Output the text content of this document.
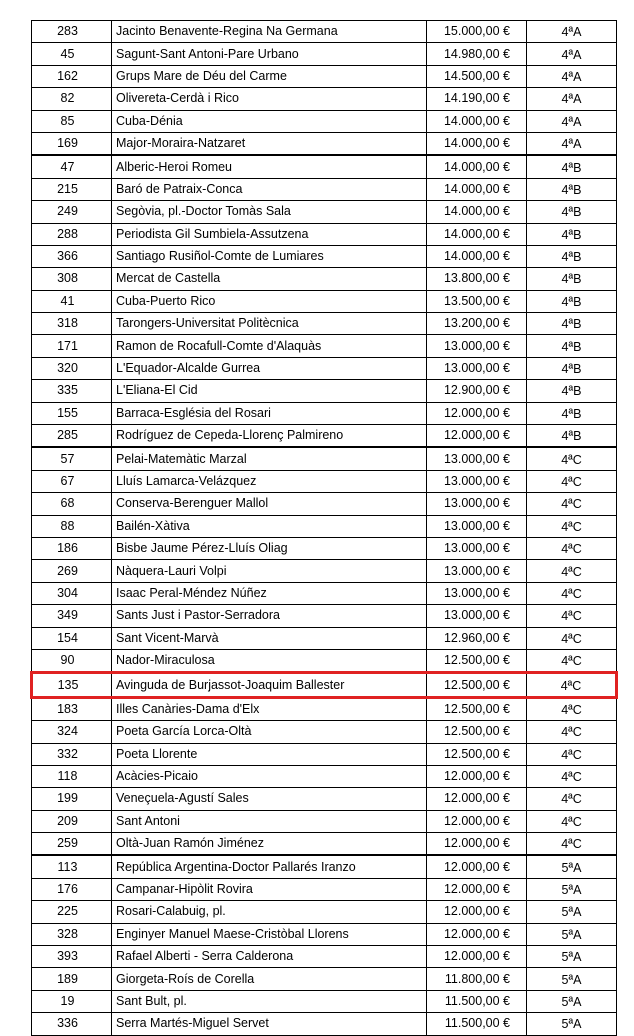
283	Jacinto Benavente-Regina Na Germana	15.000,00 €	4ªA
45	Sagunt-Sant Antoni-Pare Urbano	14.980,00 €	4ªA
162	Grups Mare de Déu del Carme	14.500,00 €	4ªA
82	Olivereta-Cerdà i Rico	14.190,00 €	4ªA
85	Cuba-Dénia	14.000,00 €	4ªA
169	Major-Moraira-Natzaret	14.000,00 €	4ªA
47	Alberic-Heroi Romeu	14.000,00 €	4ªB
215	Baró de Patraix-Conca	14.000,00 €	4ªB
249	Segòvia, pl.-Doctor Tomàs Sala	14.000,00 €	4ªB
288	Periodista Gil Sumbiela-Assutzena	14.000,00 €	4ªB
366	Santiago Rusiñol-Comte de Lumiares	14.000,00 €	4ªB
308	Mercat de Castella	13.800,00 €	4ªB
41	Cuba-Puerto Rico	13.500,00 €	4ªB
318	Tarongers-Universitat Politècnica	13.200,00 €	4ªB
171	Ramon de Rocafull-Comte d'Alaquàs	13.000,00 €	4ªB
320	L'Equador-Alcalde Gurrea	13.000,00 €	4ªB
335	L'Eliana-El Cid	12.900,00 €	4ªB
155	Barraca-Església del Rosari	12.000,00 €	4ªB
285	Rodríguez de Cepeda-Llorenç Palmireno	12.000,00 €	4ªB
57	Pelai-Matemàtic Marzal	13.000,00 €	4ªC
67	Lluís Lamarca-Velázquez	13.000,00 €	4ªC
68	Conserva-Berenguer Mallol	13.000,00 €	4ªC
88	Bailén-Xàtiva	13.000,00 €	4ªC
186	Bisbe Jaume Pérez-Lluís Oliag	13.000,00 €	4ªC
269	Nàquera-Lauri Volpi	13.000,00 €	4ªC
304	Isaac Peral-Méndez Núñez	13.000,00 €	4ªC
349	Sants Just i Pastor-Serradora	13.000,00 €	4ªC
154	Sant Vicent-Marvà	12.960,00 €	4ªC
90	Nador-Miraculosa	12.500,00 €	4ªC
135	Avinguda de Burjassot-Joaquim Ballester	12.500,00 €	4ªC
183	Illes Canàries-Dama d'Elx	12.500,00 €	4ªC
324	Poeta García Lorca-Oltà	12.500,00 €	4ªC
332	Poeta Llorente	12.500,00 €	4ªC
118	Acàcies-Picaio	12.000,00 €	4ªC
199	Veneçuela-Agustí Sales	12.000,00 €	4ªC
209	Sant Antoni	12.000,00 €	4ªC
259	Oltà-Juan Ramón Jiménez	12.000,00 €	4ªC
113	República Argentina-Doctor Pallarés Iranzo	12.000,00 €	5ªA
176	Campanar-Hipòlit Rovira	12.000,00 €	5ªA
225	Rosari-Calabuig, pl.	12.000,00 €	5ªA
328	Enginyer Manuel Maese-Cristòbal Llorens	12.000,00 €	5ªA
393	Rafael Alberti - Serra Calderona	12.000,00 €	5ªA
189	Giorgeta-Roís de Corella	11.800,00 €	5ªA
19	Sant Bult, pl.	11.500,00 €	5ªA
336	Serra Martés-Miguel Servet	11.500,00 €	5ªA
